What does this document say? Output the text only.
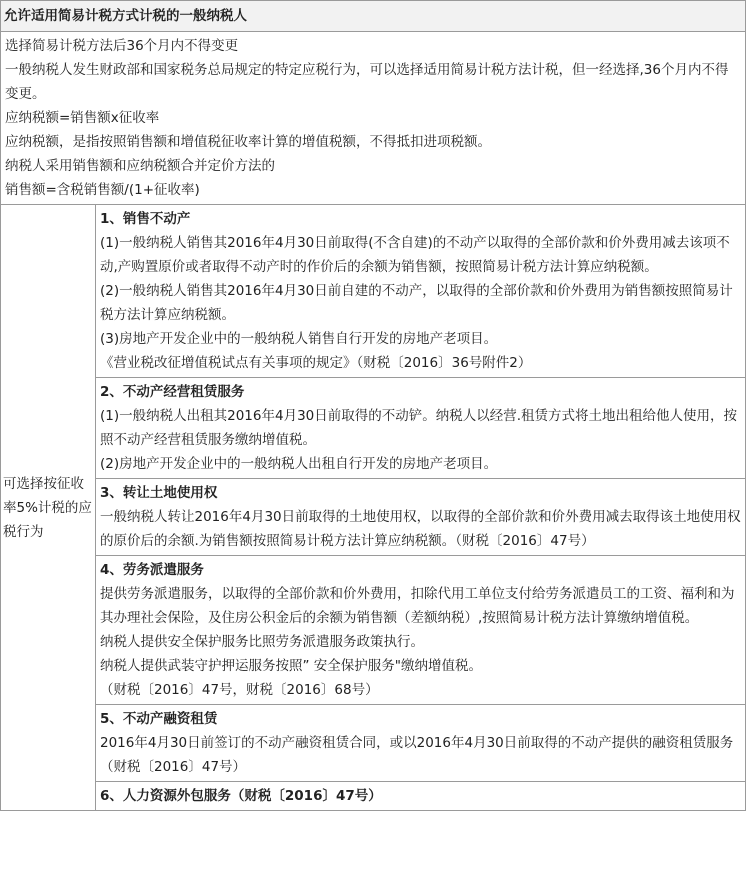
允许适用简易计税方式计税的一般纳税人

选择简易计税方法后36个月内不得变更

一般纳税人发生财政部和国家税务总局规定的特定应税行为，可以选择适用简易计税方法计税，但一经选择,36个月内不得变更。

应纳税额=销售额x征收率

应纳税额，是指按照销售额和增值税征收率计算的增值税额，不得抵扣进项税额。

纳税人采用销售额和应纳税额合并定价方法的

销售额=含税销售额/(1+征收率)

可选择按征收率5%计税的应税行为
1、销售不动产

(1)一般纳税人销售其2016年4月30日前取得(不含自建)的不动产以取得的全部价款和价外费用减去该项不动,产购置原价或者取得不动产时的作价后的余额为销售额，按照简易计税方法计算应纳税额。

(2)一般纳税人销售其2016年4月30日前自建的不动产，以取得的全部价款和价外费用为销售额按照简易计税方法计算应纳税额。

(3)房地产开发企业中的一般纳税人销售自行开发的房地产老项目。

《营业税改征增值税试点有关事项的规定》（财税〔2016〕36号附件2）

2、不动产经营租赁服务

(1)一般纳税人出租其2016年4月30日前取得的不动铲。纳税人以经营.租赁方式将土地出租给他人使用，按照不动产经营租赁服务缴纳增值税。

(2)房地产开发企业中的一般纳税人出租自行开发的房地产老项目。

3、转让土地使用权

一般纳税人转让2016年4月30日前取得的土地使用权，以取得的全部价款和价外费用减去取得该土地使用权的原价后的余额.为销售额按照简易计税方法计算应纳税额。（财税〔2016〕47号）

4、劳务派遣服务

提供劳务派遣服务，以取得的全部价款和价外费用，扣除代用工单位支付给劳务派遣员工的工资、福利和为其办理社会保险，及住房公积金后的余额为销售额（差额纳税）,按照简易计税方法计算缴纳增值税。

纳税人提供安全保护服务比照劳务派遣服务政策执行。

纳税人提供武装守护押运服务按照” 安全保护服务"缴纳增值税。

（财税〔2016〕47号，财税〔2016〕68号）

5、不动产融资租赁

2016年4月30日前签订的不动产融资租赁合同，或以2016年4月30日前取得的不动产提供的融资租赁服务（财税〔2016〕47号）

6、人力资源外包服务（财税〔2016〕47号）
